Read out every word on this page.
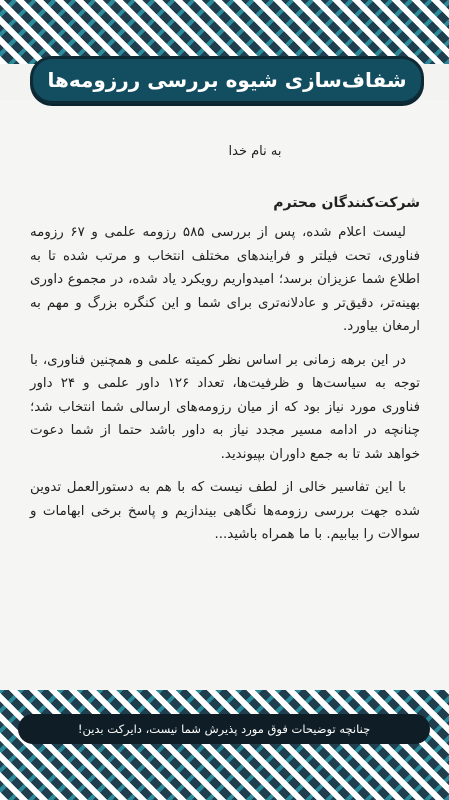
شفاف‌سازی شیوه بررسی ررزومه‌ها

به نام خدا

شرکت‌کنندگان محترم

لیست اعلام شده، پس از بررسی ۵۸۵ رزومه علمی و ۶۷ رزومه فناوری، تحت فیلتر و فرایندهای مختلف انتخاب و مرتب شده تا به اطلاع شما عزیزان برسد؛ امیدواریم رویکرد یاد شده، در مجموع داوری بهینه‌تر، دقیق‌تر و عادلانه‌تری برای شما و این کنگره بزرگ و مهم به ارمغان بیاورد.

در این برهه زمانی بر اساس نظر کمیته علمی و همچنین فناوری، با توجه به سیاست‌ها و ظرفیت‌ها، تعداد ۱۲۶ داور علمی و ۲۴ داور فناوری مورد نیاز بود که از میان رزومه‌های ارسالی شما انتخاب شد؛ چنانچه در ادامه مسیر مجدد نیاز به داور باشد حتما از شما دعوت خواهد شد تا به جمع داوران بپیوندید.

با این تفاسیر خالی از لطف نیست که با هم به دستورالعمل تدوین شده جهت بررسی رزومه‌ها نگاهی بیندازیم و پاسخ برخی ابهامات و سوالات را بیابیم. با ما همراه باشید...

چنانچه توضیحات فوق مورد پذیرش شما نیست، دایرکت بدین!
